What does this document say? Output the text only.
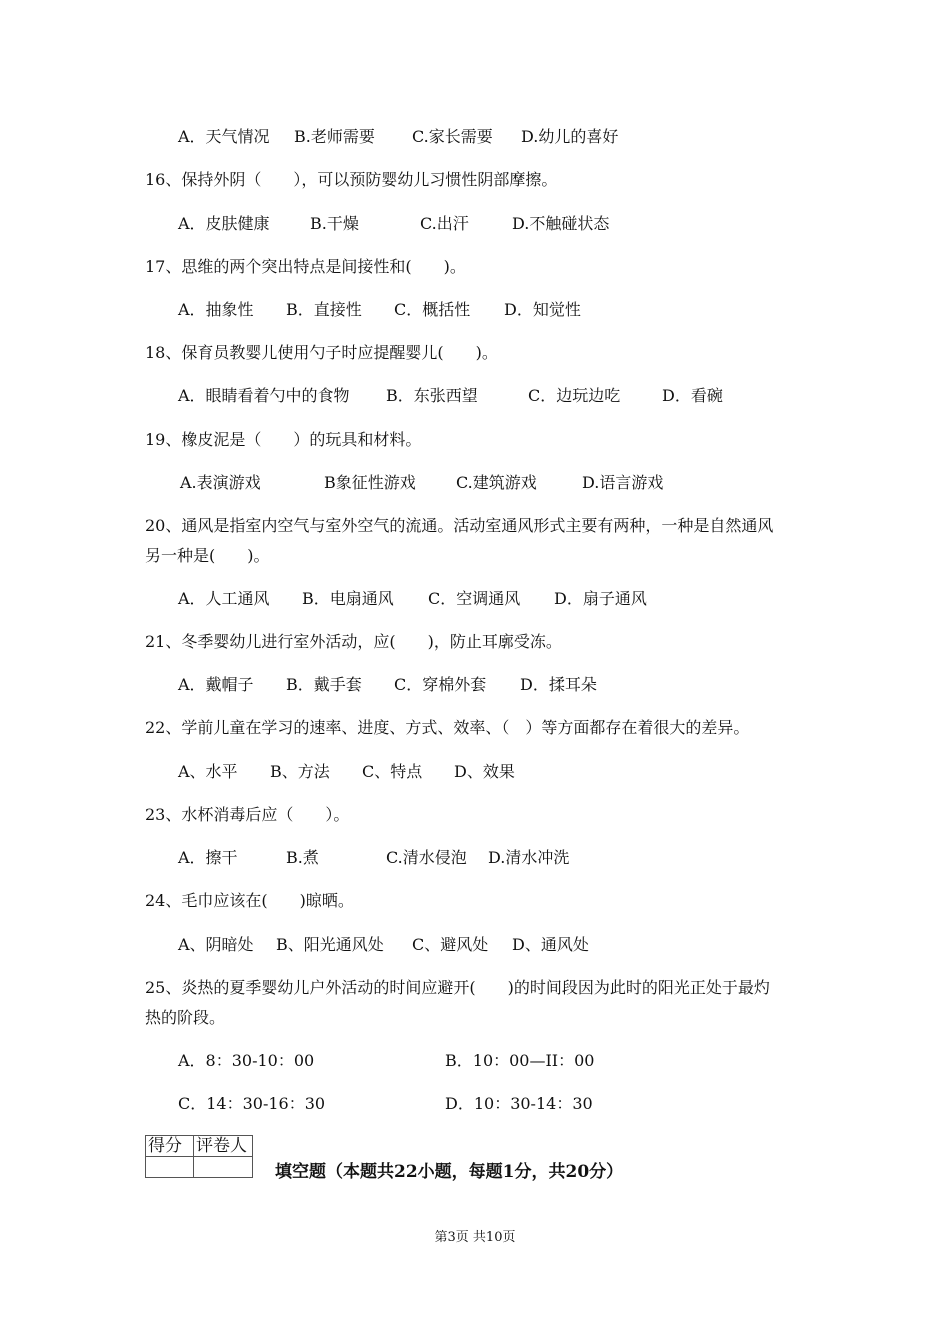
A．天气情况 B.老师需要 C.家长需要 D.幼儿的喜好
16、保持外阴（　　），可以预防婴幼儿习惯性阴部摩擦。
A．皮肤健康	B.干燥	C.出汗	D.不触碰状态
17、思维的两个突出特点是间接性和(　　)。
A．抽象性 B．直接性 C．概括性 D．知觉性
18、保育员教婴儿使用勺子时应提醒婴儿(　　)。
A．眼睛看着勺中的食物 B．东张西望	C．边玩边吃	D．看碗
19、橡皮泥是（　　）的玩具和材料。
A.表演游戏	B象征性游戏	C.建筑游戏	D.语言游戏
20、通风是指室内空气与室外空气的流通。活动室通风形式主要有两种，一种是自然通风
另一种是(　　)。
A．人工通风 B．电扇通风 C．空调通风 D．扇子通风
21、冬季婴幼儿进行室外活动，应(　　)，防止耳廓受冻。
A．戴帽子 B．戴手套 C．穿棉外套 D．揉耳朵
22、学前儿童在学习的速率、进度、方式、效率、（　）等方面都存在着很大的差异。
A、水平 B、方法 C、特点 D、效果
23、水杯消毒后应（　　）。
A．擦干	B.煮	C.清水侵泡 D.清水冲洗
24、毛巾应该在(　　)晾晒。
A、阴暗处 B、阳光通风处 C、避风处 D、通风处
25、炎热的夏季婴幼儿户外活动的时间应避开(　　)的时间段因为此时的阳光正处于最灼
热的阶段。
A．8：30-10：00	B．10：00—II：00
C．14：30-16：30	D．10：30-14：30
得分	评卷人

填空题（本题共22小题，每题1分，共20分）
第3页 共10页
